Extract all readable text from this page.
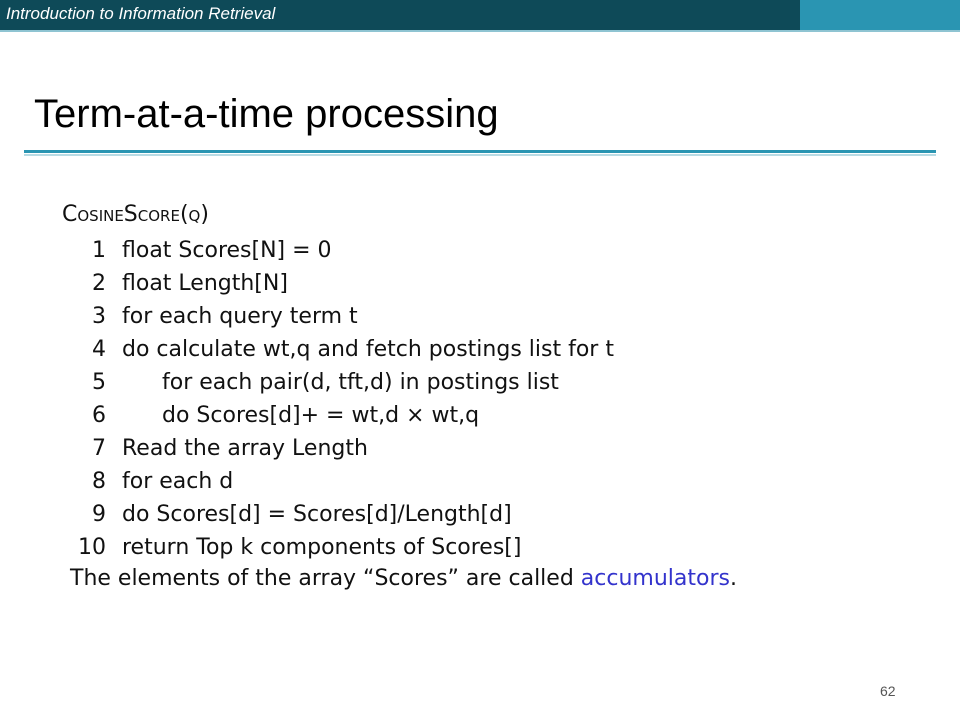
Introduction to Information Retrieval
Term-at-a-time processing
CosineScore(q)
1 float Scores[N] = 0
2 float Length[N]
3 for each query term t
4 do calculate wt,q and fetch postings list for t
5	for each pair(d, tft,d) in postings list
6	do Scores[d]+ = wt,d × wt,q
7 Read the array Length
8 for each d
9 do Scores[d] = Scores[d]/Length[d]
10 return Top k components of Scores[]
The elements of the array “Scores” are called accumulators.
62
